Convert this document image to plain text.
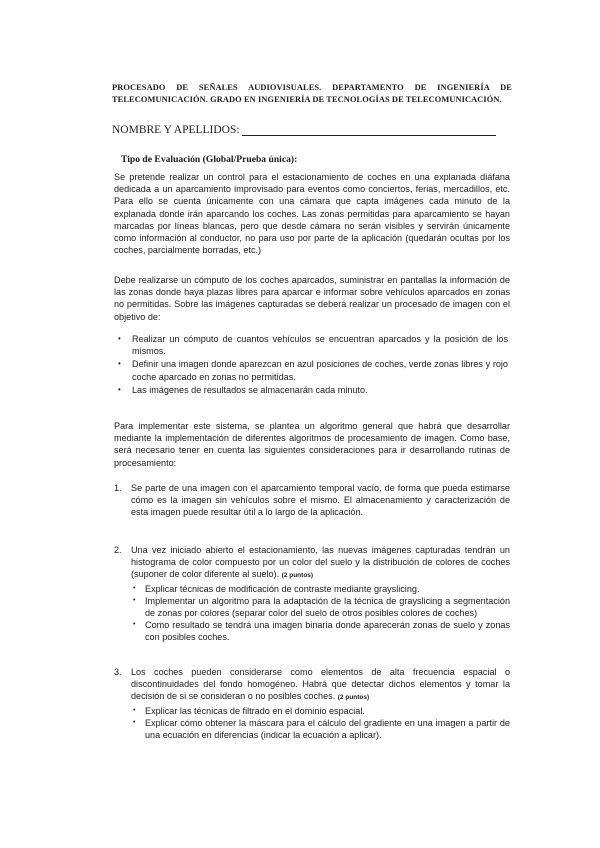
PROCESADO DE SEÑALES AUDIOVISUALES. DEPARTAMENTO DE INGENIERÍA DE TELECOMUNICACIÓN. GRADO EN INGENIERÍA DE TECNOLOGÍAS DE TELECOMUNICACIÓN.
NOMBRE Y APELLIDOS:
Tipo de Evaluación (Global/Prueba única):
Se pretende realizar un control para el estacionamiento de coches en una explanada diáfana dedicada a un aparcamiento improvisado para eventos como conciertos, ferias, mercadillos, etc. Para ello se cuenta únicamente con una cámara que capta imágenes cada minuto de la explanada donde irán aparcando los coches. Las zonas permitidas para aparcamiento se hayan marcadas por líneas blancas, pero que desde cámara no serán visibles y servirán únicamente como información al conductor, no para uso por parte de la aplicación (quedarán ocultas por los coches, parcialmente borradas, etc.)
Debe realizarse un cómputo de los coches aparcados, suministrar en pantallas la información de las zonas donde haya plazas libres para aparcar e informar sobre vehículos aparcados en zonas no permitidas. Sobre las imágenes capturadas se deberá realizar un procesado de imagen con el objetivo de:
• Realizar un cómputo de cuantos vehículos se encuentran aparcados y la posición de los mismos.
• Definir una imagen donde aparezcan en azul posiciones de coches, verde zonas libres y rojo coche aparcado en zonas no permitidas.
• Las imágenes de resultados se almacenarán cada minuto.
Para implementar este sistema, se plantea un algoritmo general que habrá que desarrollar mediante la implementación de diferentes algoritmos de procesamiento de imagen. Como base, será necesario tener en cuenta las siguientes consideraciones para ir desarrollando rutinas de procesamiento:
1. Se parte de una imagen con el aparcamiento temporal vacío, de forma que pueda estimarse cómo es la imagen sin vehículos sobre el mismo. El almacenamiento y caracterización de esta imagen puede resultar útil a lo largo de la aplicación.
2. Una vez iniciado abierto el estacionamiento, las nuevas imágenes capturadas tendrán un histograma de color compuesto por un color del suelo y la distribución de colores de coches (suponer de color diferente al suelo). (2 puntos)
• Explicar técnicas de modificación de contraste mediante grayslicing.
• Implementar un algoritmo para la adaptación de la técnica de grayslicing a segmentación de zonas por colores (separar color del suelo de otros posibles colores de coches)
• Como resultado se tendrá una imagen binaria donde aparecerán zonas de suelo y zonas con posibles coches.
3. Los coches pueden considerarse como elementos de alta frecuencia espacial o discontinuidades del fondo homogéneo. Habrá que detectar dichos elementos y tomar la decisión de si se consideran o no posibles coches. (2 puntos)
• Explicar las técnicas de filtrado en el dominio espacial.
• Explicar cómo obtener la máscara para el cálculo del gradiente en una imagen a partir de una ecuación en diferencias (indicar la ecuación a aplicar).
